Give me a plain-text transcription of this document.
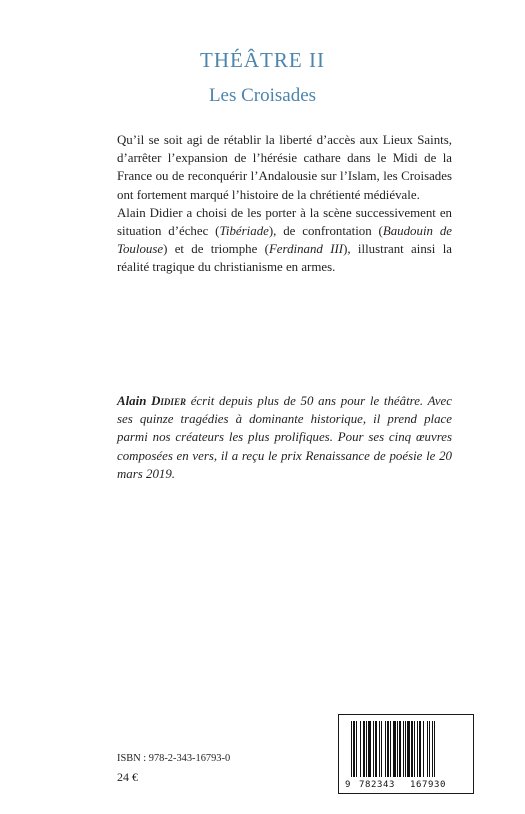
THÉÂTRE II
Les Croisades

Qu’il se soit agi de rétablir la liberté d’accès aux Lieux Saints, d’arrêter l’expansion de l’hérésie cathare dans le Midi de la France ou de reconquérir l’Andalousie sur l’Islam, les Croisades ont fortement marqué l’histoire de la chrétienté médiévale.

Alain Didier a choisi de les porter à la scène successivement en situation d’échec (Tibériade), de confrontation (Baudouin de Toulouse) et de triomphe (Ferdinand III), illustrant ainsi la réalité tragique du christianisme en armes.

Alain Didier écrit depuis plus de 50 ans pour le théâtre. Avec ses quinze tragédies à dominante historique, il prend place parmi nos créateurs les plus prolifiques. Pour ses cinq œuvres composées en vers, il a reçu le prix Renaissance de poésie le 20 mars 2019.

ISBN : 978-2-343-16793-0
24 €
9 782343 167930
